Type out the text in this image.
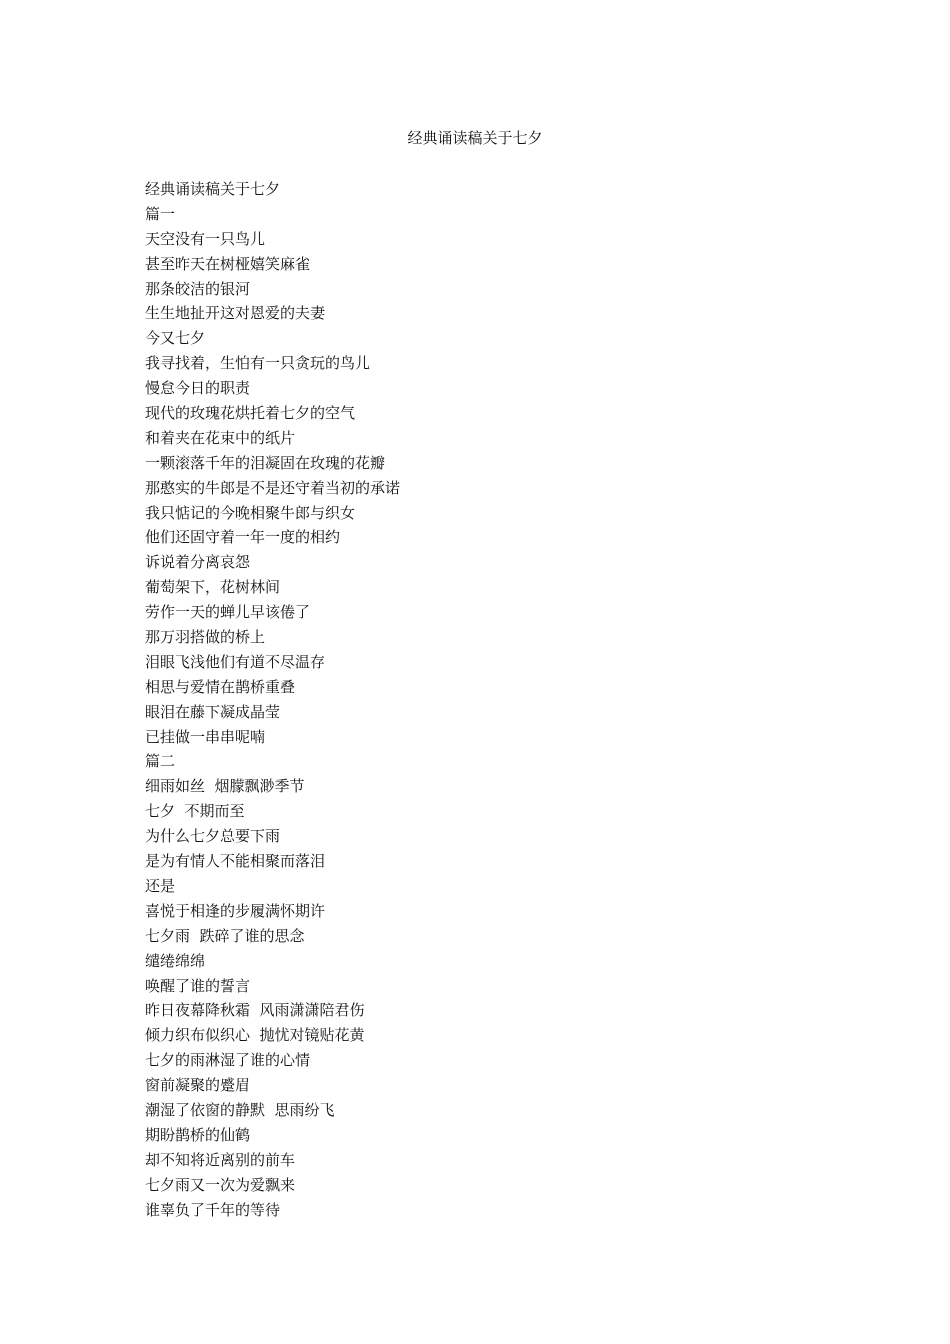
经典诵读稿关于七夕
经典诵读稿关于七夕
篇一
天空没有一只鸟儿
甚至昨天在树桠嬉笑麻雀
那条皎洁的银河
生生地扯开这对恩爱的夫妻
今又七夕
我寻找着，生怕有一只贪玩的鸟儿
慢怠今日的职责
现代的玫瑰花烘托着七夕的空气
和着夹在花束中的纸片
一颗滚落千年的泪凝固在玫瑰的花瓣
那憨实的牛郎是不是还守着当初的承诺
我只惦记的今晚相聚牛郎与织女
他们还固守着一年一度的相约
诉说着分离哀怨
葡萄架下，花树林间
劳作一天的蝉儿早该倦了
那万羽搭做的桥上
泪眼飞浅他们有道不尽温存
相思与爱情在鹊桥重叠
眼泪在藤下凝成晶莹
已挂做一串串呢喃
篇二
细雨如丝  烟朦飘渺季节
七夕  不期而至
为什么七夕总要下雨
是为有情人不能相聚而落泪
还是
喜悦于相逢的步履满怀期许
七夕雨  跌碎了谁的思念
缱绻绵绵
唤醒了谁的誓言
昨日夜幕降秋霜  风雨潇潇陪君伤
倾力织布似织心  抛忧对镜贴花黄
七夕的雨淋湿了谁的心情
窗前凝聚的蹙眉
潮湿了依窗的静默  思雨纷飞
期盼鹊桥的仙鹤
却不知将近离别的前车
七夕雨又一次为爱飘来
谁辜负了千年的等待
